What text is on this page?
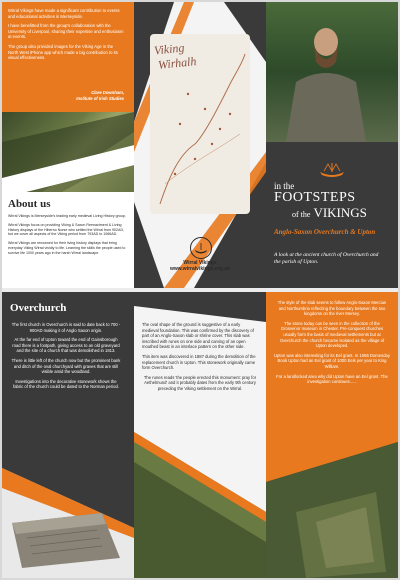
Wirral Vikings have made a significant contribution to events and educational activities in Merseyside.

I have benefitted from the group's collaboration with the University of Liverpool, sharing their expertise and enthusiasm at events.

The group also provided images for the Viking Age in the North West iPhone app which made a big contribution to its visual effectiveness.

Clare Downham,
Institute of Irish Studies
About us

Wirral Vikings is Merseyside's leading early medieval Living History group.

Wirral Vikings focus on providing Viking & Saxon Reenactment & Living History displays of the Hiberno Norse who settled the Wirral from 902AD, but we cover all aspects of the Viking period from 793AD to 1066AD.

Wirral Vikings are renowned for their living history displays that bring everyday Viking Wirral vividly to life. Learning the skills the people used to survive life 1000 years ago in the harsh Wirral landscape.

Viking
Wirhalh
Wirral Vikings
www.wirralvikings.org.uk
in the
FOOTSTEPS
of the VIKINGS
Anglo-Saxon Overchurch & Upton
A look at the ancient church of Overchurch and the parish of Upton.
Overchurch

The first church in Overchurch is said to date back to 700 - 900AD making it of Anglo Saxon origin.

At the far end of Upton toward the end of Gainsborough road there is a footpath, giving access to an old graveyard and the site of a church that was demolished in 1813.

There is little left of the church now but the prominent bank and ditch of the oval churchyard with graves that are still visible amid the woodland.

Investigations into the decorative stonework shows the fabric of the church could be dated to the Norman period.

The oval shape of the ground is suggestive of a early medieval foundation. This was confirmed by the discovery of part of an Anglo-Saxon slab or shrine cover. This slab was inscribed with runes on one side and carving of an open mouthed beast in an interlace pattern on the other side.

This item was discovered in 1887 during the demolition of the replacement church in Upton. This stonework originally came form Overchurch.

The runes reads 'the people erected this monument: pray for Aethelmund' and it probably dates from the early 9th century preceding the Viking settlement on the Wirral.

The style of the slab seems to follow Anglo-Saxon Mercian and Northumbria reflecting the boundary between the two kingdoms on the river Mersey.

The stone today can be seen in the collection of the Grosvenor museum in Chester. Pre-conquest churches usually form the basis of medieval settlements but at Overchurch the church became isolated as the village of Upton developed.

Upton was also interesting for its Eel grant. In 1086 Domesday Book Upton had an Eel grant of 1000 Eels per year to King William.

For a landlocked area why did Upton have an Eel grant. The investigation continues......
